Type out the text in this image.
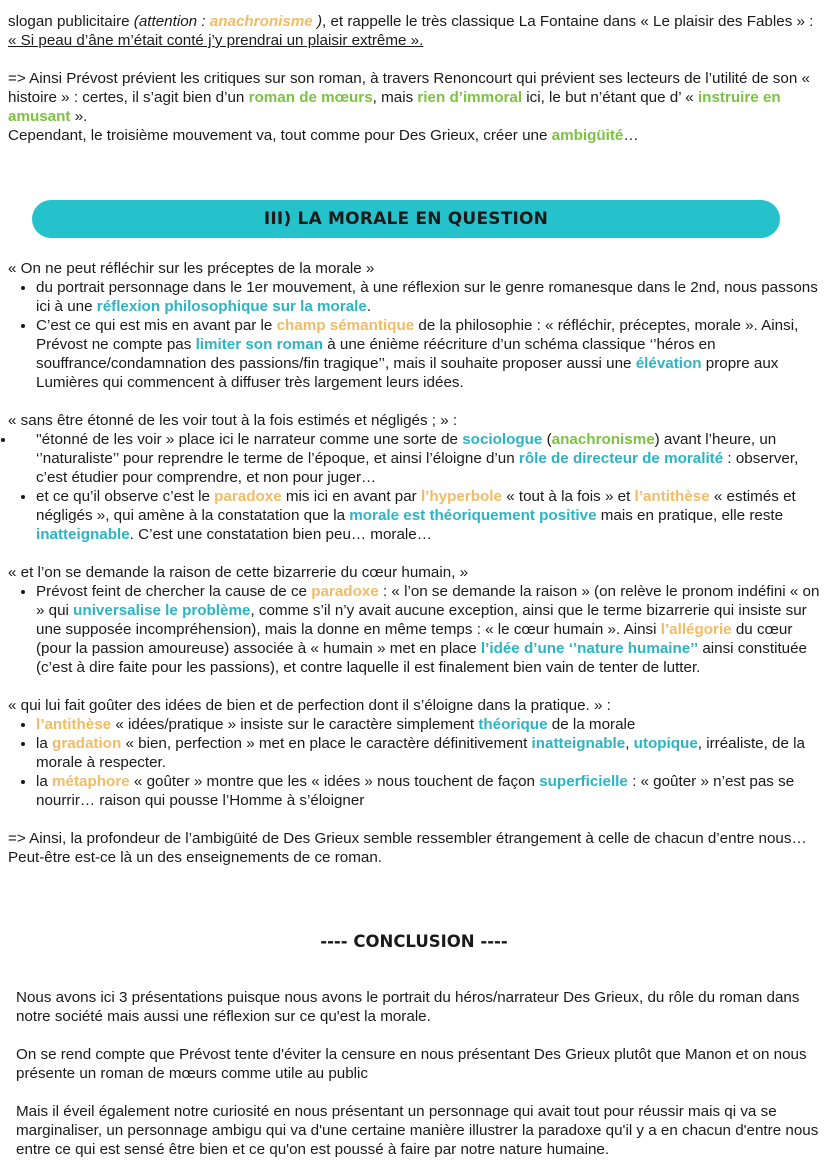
slogan publicitaire (attention : anachronisme ), et rappelle le très classique La Fontaine dans « Le plaisir des Fables » : « Si peau d’âne m’était conté j’y prendrai un plaisir extrême ».

=> Ainsi Prévost prévient les critiques sur son roman, à travers Renoncourt qui prévient ses lecteurs de l’utilité de son « histoire » : certes, il s’agit bien d’un roman de mœurs, mais rien d’immoral ici, le but n’étant que d’ « instruire en amusant ».

Cependant, le troisième mouvement va, tout comme pour Des Grieux, créer une ambigüité…

III) LA MORALE EN QUESTION

« On ne peut réfléchir sur les préceptes de la morale »

du portrait personnage dans le 1er mouvement, à une réflexion sur le genre romanesque dans le 2nd, nous passons ici à une réflexion philosophique sur la morale.
C’est ce qui est mis en avant par le champ sémantique de la philosophie : « réfléchir, préceptes, morale ». Ainsi, Prévost ne compte pas limiter son roman à une énième réécriture d’un schéma classique ‘’héros en souffrance/condamnation des passions/fin tragique’’, mais il souhaite proposer aussi une élévation propre aux Lumières qui commencent à diffuser très largement leurs idées.

« sans être étonné de les voir tout à la fois estimés et négligés ; » :

''étonné de les voir » place ici le narrateur comme une sorte de sociologue (anachronisme) avant l’heure, un ‘’naturaliste’’ pour reprendre le terme de l’époque, et ainsi l’éloigne d’un rôle de directeur de moralité : observer, c’est étudier pour comprendre, et non pour juger…
et ce qu’il observe c’est le paradoxe mis ici en avant par l’hyperbole « tout à la fois » et l’antithèse « estimés et négligés », qui amène à la constatation que la morale est théoriquement positive mais en pratique, elle reste inatteignable. C’est une constatation bien peu… morale…

« et l’on se demande la raison de cette bizarrerie du cœur humain, »

Prévost feint de chercher la cause de ce paradoxe : « l’on se demande la raison » (on relève le pronom indéfini « on » qui universalise le problème, comme s’il n’y avait aucune exception, ainsi que le terme bizarrerie qui insiste sur une supposée incompréhension), mais la donne en même temps : « le cœur humain ». Ainsi l’allégorie du cœur (pour la passion amoureuse) associée à « humain » met en place l’idée d’une ‘’nature humaine’’ ainsi constituée (c’est à dire faite pour les passions), et contre laquelle il est finalement bien vain de tenter de lutter.

« qui lui fait goûter des idées de bien et de perfection dont il s’éloigne dans la pratique. » :

l’antithèse « idées/pratique » insiste sur le caractère simplement théorique de la morale
la gradation « bien, perfection » met en place le caractère définitivement inatteignable, utopique, irréaliste, de la morale à respecter.
la métaphore « goûter » montre que les « idées » nous touchent de façon superficielle : « goûter » n’est pas se nourrir… raison qui pousse l’Homme à s’éloigner

=> Ainsi, la profondeur de l’ambigüité de Des Grieux semble ressembler étrangement à celle de chacun d’entre nous… Peut-être est-ce là un des enseignements de ce roman.

---- CONCLUSION ----

Nous avons ici 3 présentations puisque nous avons le portrait du héros/narrateur Des Grieux, du rôle du roman dans notre société mais aussi une réflexion sur ce qu'est la morale.

On se rend compte que Prévost tente d'éviter la censure en nous présentant Des Grieux plutôt que Manon et on nous présente un roman de mœurs comme utile au public

Mais il éveil également notre curiosité en nous présentant un personnage qui avait tout pour réussir mais qi va se marginaliser, un personnage ambigu qui va d'une certaine manière illustrer la paradoxe qu'il y a en chacun d'entre nous entre ce qui est sensé être bien et ce qu'on est poussé à faire par notre nature humaine.
